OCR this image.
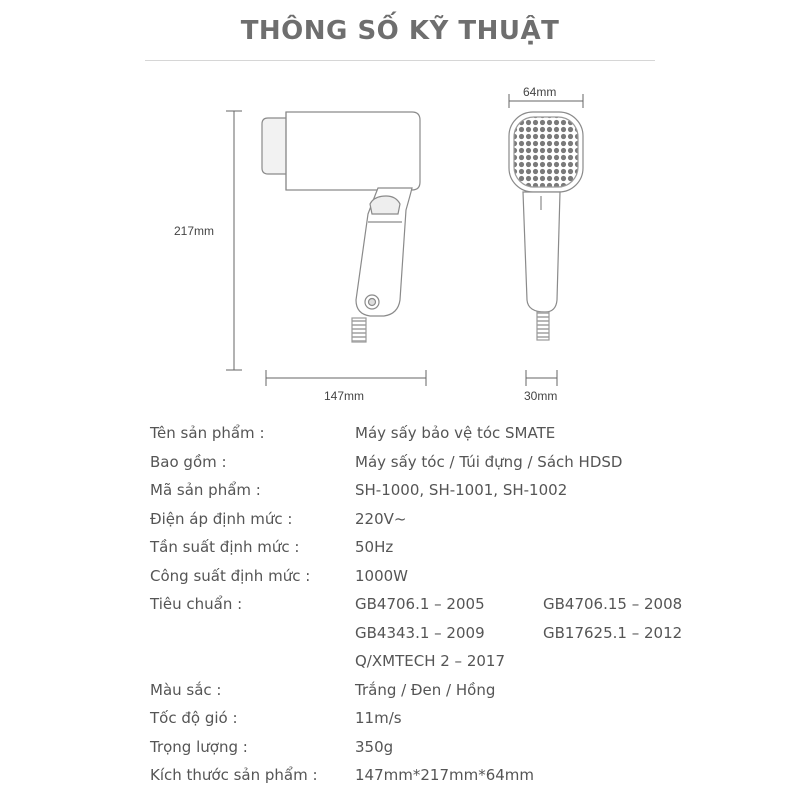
THÔNG SỐ KỸ THUẬT
217mm
147mm
64mm
30mm
Tên sản phẩm :	Máy sấy bảo vệ tóc SMATE
Bao gồm :	Máy sấy tóc / Túi đựng / Sách HDSD
Mã sản phẩm :	SH-1000, SH-1001, SH-1002
Điện áp định mức :	220V~
Tần suất định mức :	50Hz
Công suất định mức :	1000W
Tiêu chuẩn :	GB4706.1 – 2005	GB4706.15 – 2008
GB4343.1 – 2009	GB17625.1 – 2012
Q/XMTECH 2 – 2017
Màu sắc :	Trắng / Đen / Hồng
Tốc độ gió :	11m/s
Trọng lượng :	350g
Kích thước sản phẩm :	147mm*217mm*64mm
